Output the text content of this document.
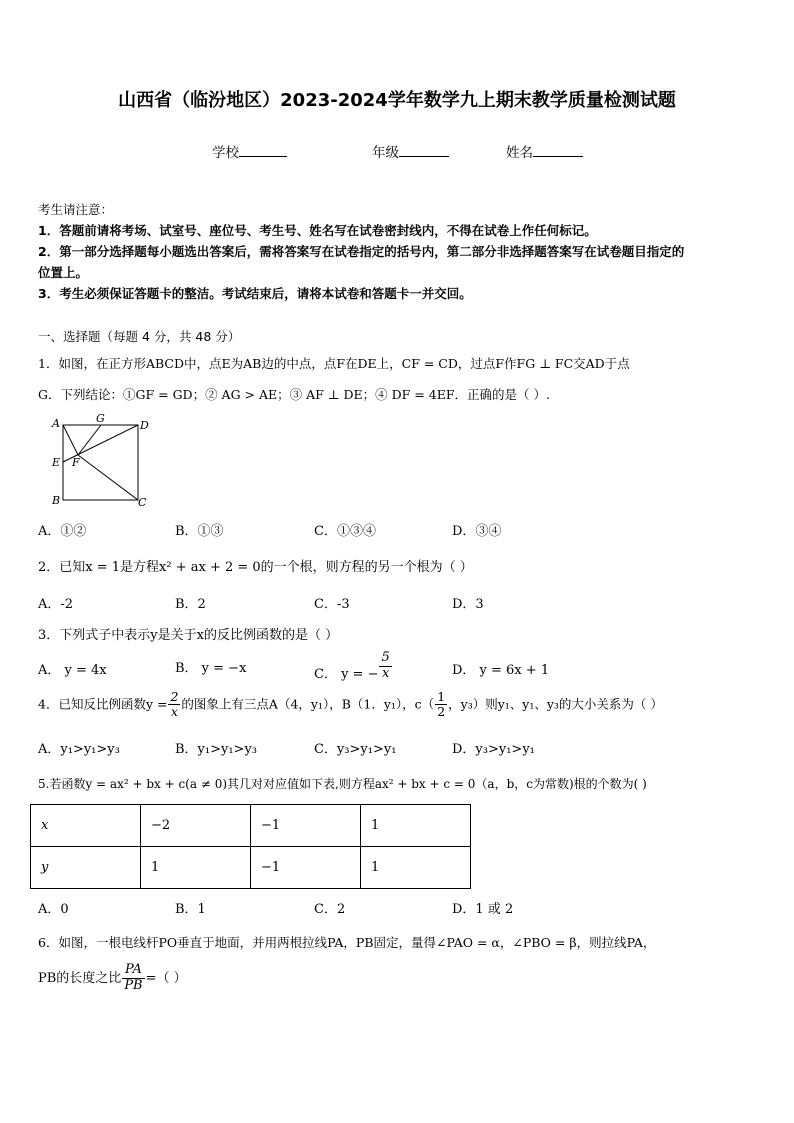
山西省（临汾地区）2023-2024学年数学九上期末教学质量检测试题
学校	年级	姓名
考生请注意：
1．答题前请将考场、试室号、座位号、考生号、姓名写在试卷密封线内，不得在试卷上作任何标记。
2．第一部分选择题每小题选出答案后，需将答案写在试卷指定的括号内，第二部分非选择题答案写在试卷题目指定的
位置上。
3．考生必须保证答题卡的整洁。考试结束后，请将本试卷和答题卡一并交回。
一、选择题（每题 4 分，共 48 分）
1．如图，在正方形ABCD中，点E为AB边的中点，点F在DE上，CF = CD，过点F作FG ⊥ FC交AD于点
G．下列结论：①GF = GD；② AG > AE；③ AF ⊥ DE；④ DF = 4EF．正确的是（ ）.
A	G
D
E F
B	C
A．①②	B．①③	C．①③④	D．③④
2．已知x = 1是方程x² + ax + 2 = 0的一个根，则方程的另一个根为（ ）
A．-2	B．2	C．-3	D．3
3．下列式子中表示y是关于x的反比例函数的是（ ）
A． y = 4x	B． y = −x	C． y = − $\frac{5}{x}$	D． y = 6x + 1
4．已知反比例函数$y = \frac{2}{x}$ 的图象上有三点A（4，y₁），B（1．y₁），$c( \frac{1}{2}$ ，y₃）则y₁、y₁、y₃的大小关系为（ ）
A．y₁>y₁>y₃	B．y₁>y₁>y₃	C．y₃>y₁>y₁	D．y₃>y₁>y₁
5.若函数y = ax² + bx + c(a ≠ 0)其几对对应值如下表,则方程ax² + bx + c = 0（a，b，c为常数)根的个数为( )
x	−2	−1	1
y	1	−1	1
A．0	B．1	C．2	D．1 或 2
6．如图，一根电线杆PO垂直于地面，并用两根拉线PA，PB固定，量得∠PAO = α，∠PBO = β，则拉线PA，
PB的长度之比 $\frac{PA}{PB}$ =（ ）
